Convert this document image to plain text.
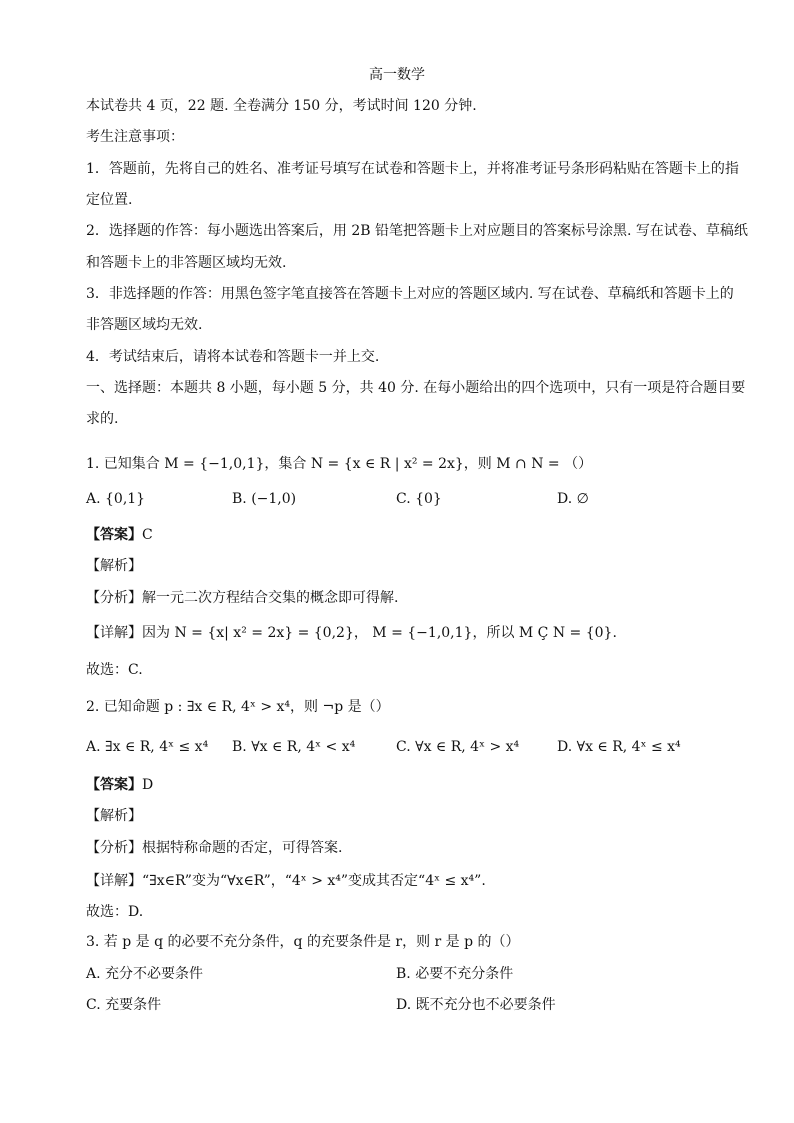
高一数学
本试卷共 4 页，22 题. 全卷满分 150 分，考试时间 120 分钟.
考生注意事项：
1．答题前，先将自己的姓名、准考证号填写在试卷和答题卡上，并将准考证号条形码粘贴在答题卡上的指
定位置.
2．选择题的作答：每小题选出答案后，用 2B 铅笔把答题卡上对应题目的答案标号涂黑. 写在试卷、草稿纸
和答题卡上的非答题区域均无效.
3．非选择题的作答：用黑色签字笔直接答在答题卡上对应的答题区域内. 写在试卷、草稿纸和答题卡上的
非答题区域均无效.
4．考试结束后，请将本试卷和答题卡一并上交.
一、选择题：本题共 8 小题，每小题 5 分，共 40 分. 在每小题给出的四个选项中，只有一项是符合题目要
求的.
1. 已知集合 M = {−1,0,1}，集合 N = {x ∈ R | x² = 2x}，则 M ∩ N = （）
A. {0,1}	B. (−1,0)	C. {0}	D. ∅
【答案】C
【解析】
【分析】解一元二次方程结合交集的概念即可得解.
【详解】因为 N = {x| x² = 2x} = {0,2}， M = {−1,0,1}，所以 M Ç N = {0}.
故选：C.
2. 已知命题 p : ∃x ∈ R, 4ˣ > x⁴，则 ¬p 是（）
A. ∃x ∈ R, 4ˣ ≤ x⁴ B. ∀x ∈ R, 4ˣ < x⁴	C. ∀x ∈ R, 4ˣ > x⁴	D. ∀x ∈ R, 4ˣ ≤ x⁴
【答案】D
【解析】
【分析】根据特称命题的否定，可得答案.
【详解】“∃x∈R”变为“∀x∈R”，“4ˣ > x⁴”变成其否定“4ˣ ≤ x⁴”.
故选：D.
3. 若 p 是 q 的必要不充分条件，q 的充要条件是 r，则 r 是 p 的（）
A. 充分不必要条件	B. 必要不充分条件
C. 充要条件	D. 既不充分也不必要条件
